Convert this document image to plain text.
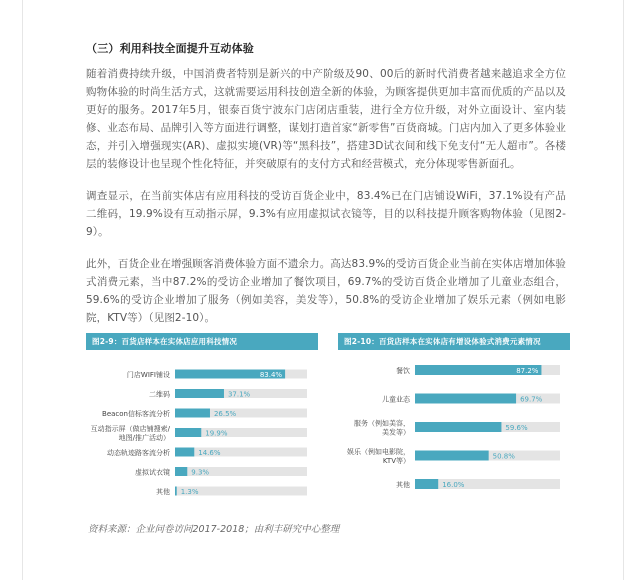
（三）利用科技全面提升互动体验

随着消费持续升级，中国消费者特别是新兴的中产阶级及90、00后的新时代消费者越来越追求全方位购物体验的时尚生活方式，这就需要运用科技创造全新的体验，为顾客提供更加丰富而优质的产品以及更好的服务。2017年5月，银泰百货宁波东门店闭店重装，进行全方位升级，对外立面设计、室内装修、业态布局、品牌引入等方面进行调整，谋划打造首家“新零售”百货商城。门店内加入了更多体验业态，并引入增强现实(AR)、虚拟实境(VR)等“黑科技”，搭建3D试衣间和线下免支付“无人超市”。各楼层的装修设计也呈现个性化特征，并突破原有的支付方式和经营模式，充分体现零售新面孔。

调查显示，在当前实体店有应用科技的受访百货企业中，83.4%已在门店铺设WiFi，37.1%设有产品二维码，19.9%设有互动指示屏，9.3%有应用虚拟试衣镜等，目的以科技提升顾客购物体验（见图2-9）。

此外，百货企业在增强顾客消费体验方面不遗余力。高达83.9%的受访百货企业当前在实体店增加体验式消费元素，当中87.2%的受访企业增加了餐饮项目，69.7%的受访百货企业增加了儿童业态组合，59.6%的受访企业增加了服务（例如美容，美发等），50.8%的受访企业增加了娱乐元素（例如电影院，KTV等）（见图2-10）。

图2-9：百货店样本在实体店应用科技情况
83.4%
门店WIFI铺设
37.1%
二维码
26.5%
Beacon信标客流分析
19.9%
互动指示屏（做店铺搜索/地图/推广活动）
14.6%
动态轨迹路客流分析
9.3%
虚拟试衣镜
1.3%
其他
图2-10：百货店样本在实体店有增设体验式消费元素情况
87.2%
餐饮
69.7%
儿童业态
59.6%
服务（例如美容，美发等）
50.8%
娱乐（例如电影院， KTV等）
16.0%
其他
资料来源：企业问卷访问2017-2018；由利丰研究中心整理
